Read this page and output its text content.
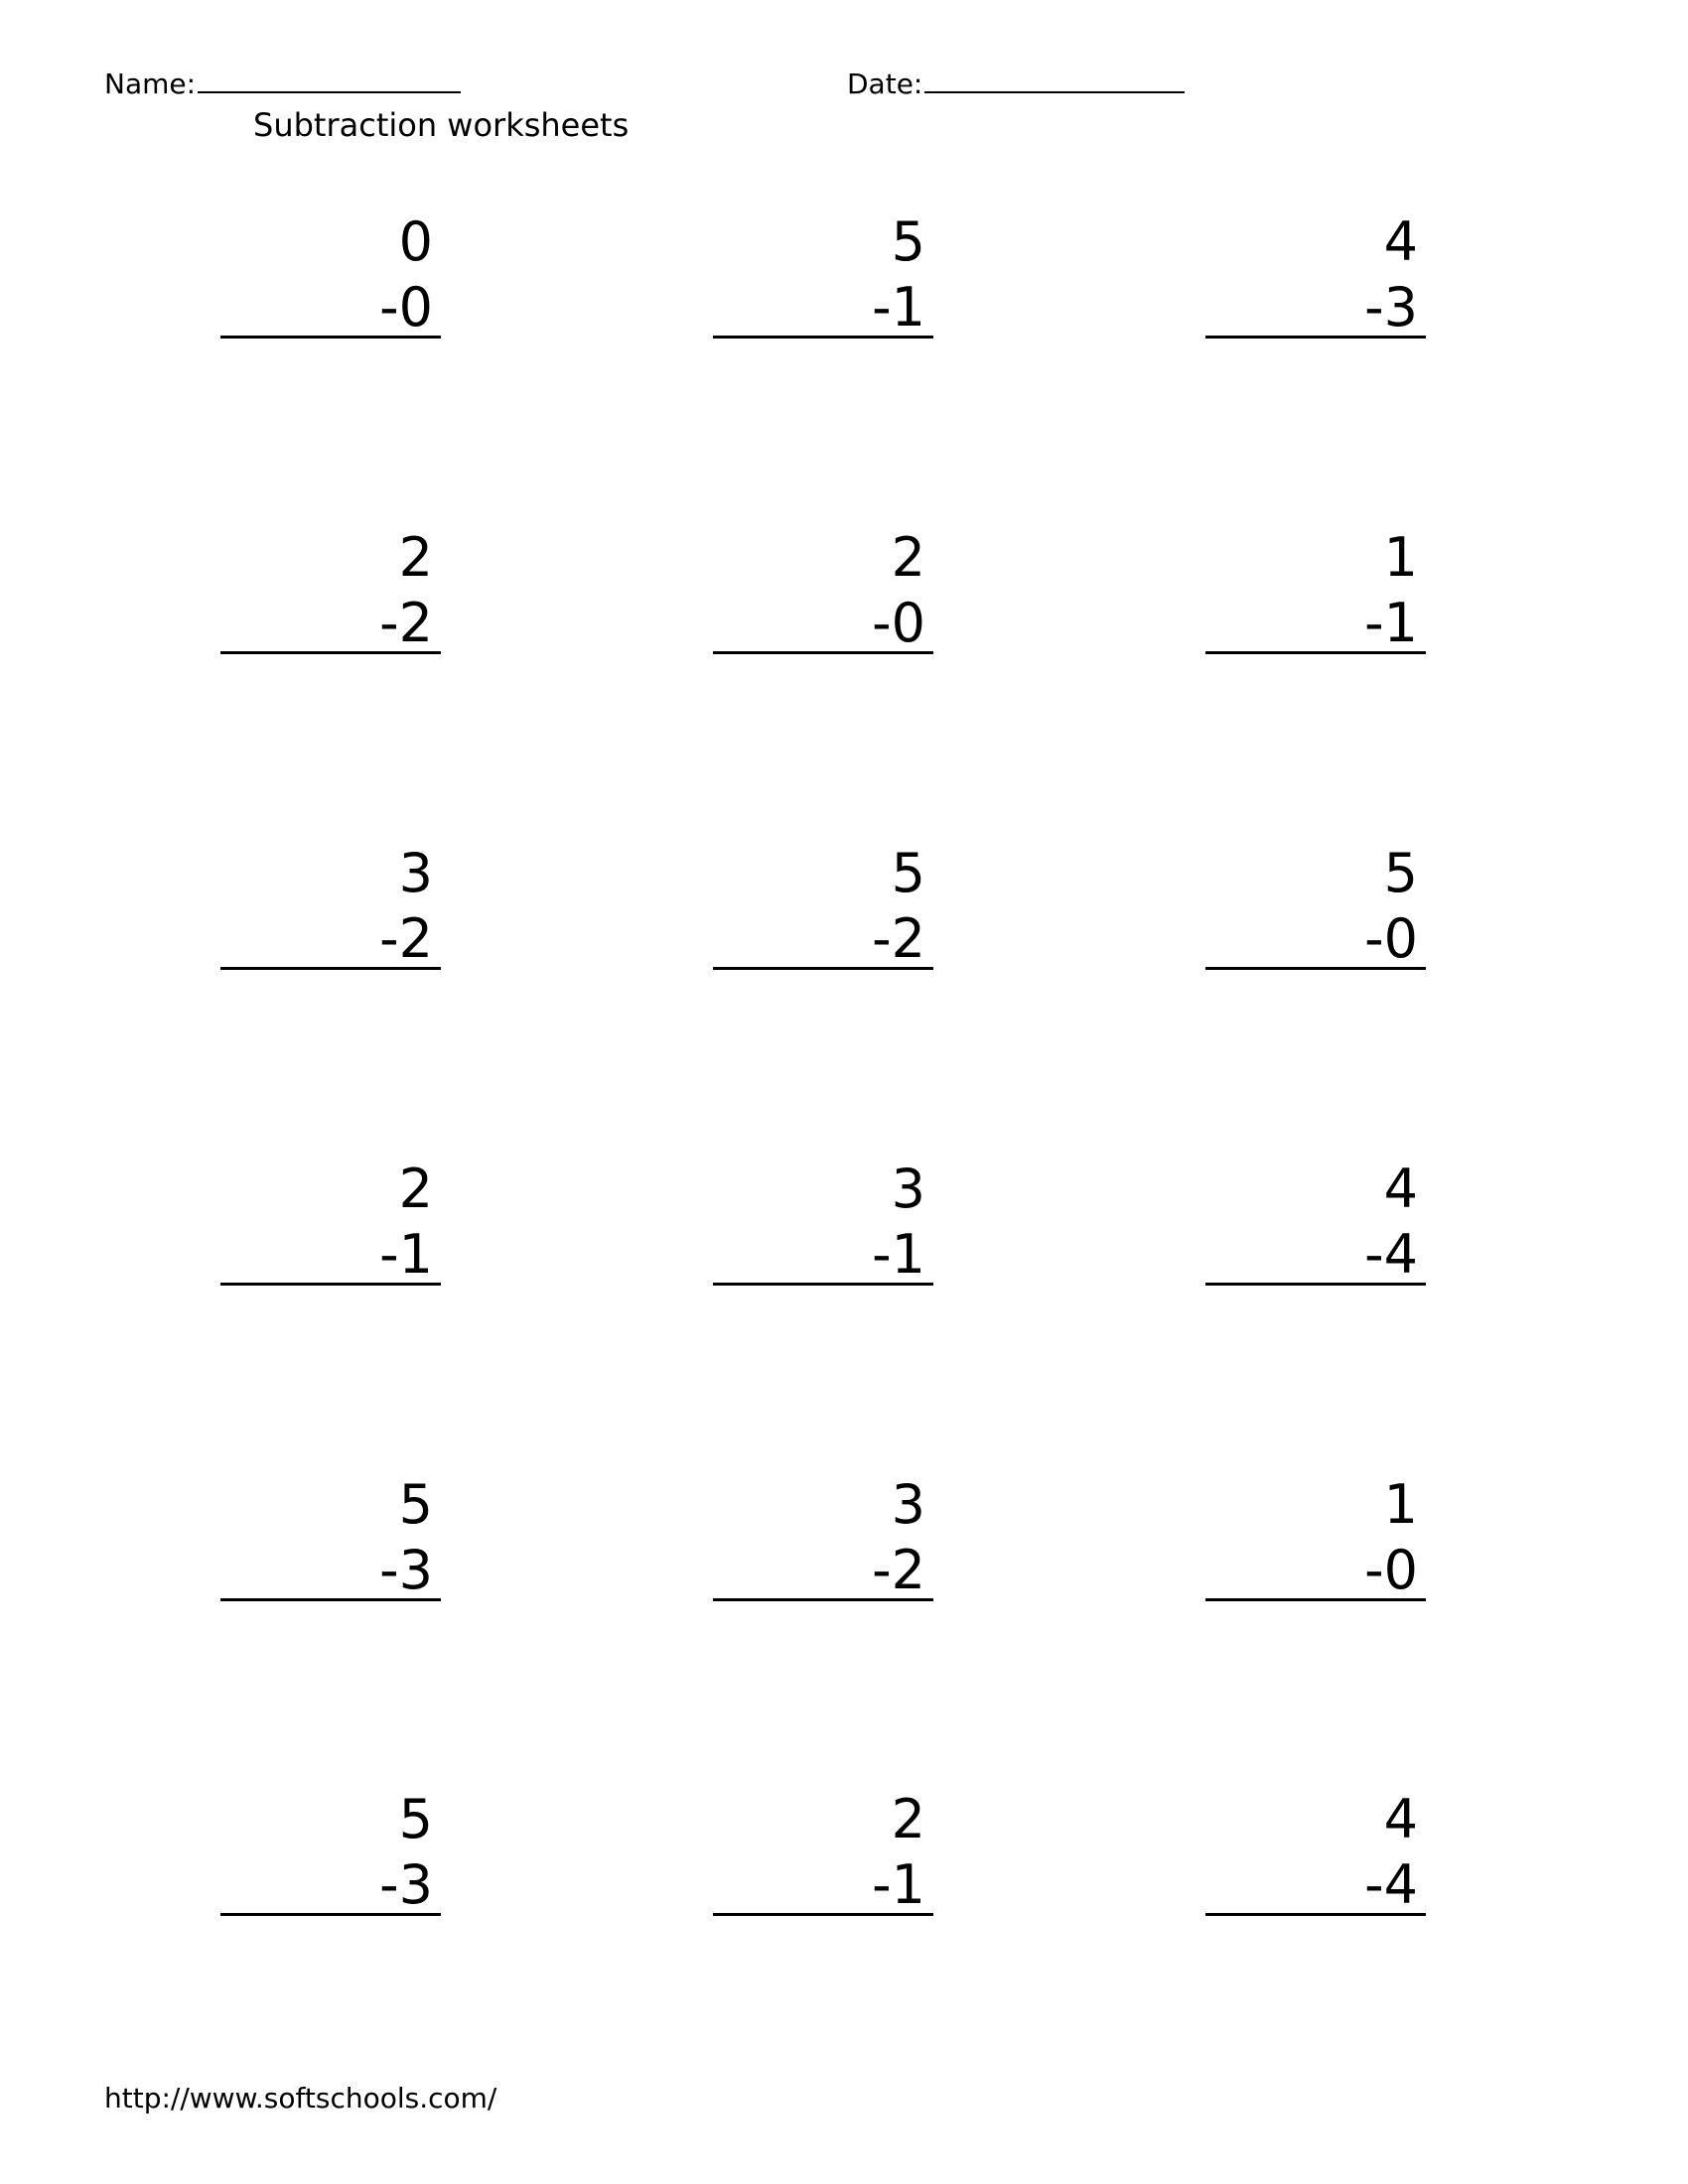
Name:	Date:
Subtraction worksheets
0
-0
5
-1
4
-3
2
-2
2
-0
1
-1
3
-2
5
-2
5
-0
2
-1
3
-1
4
-4
5
-3
3
-2
1
-0
5
-3
2
-1
4
-4
http://www.softschools.com/
